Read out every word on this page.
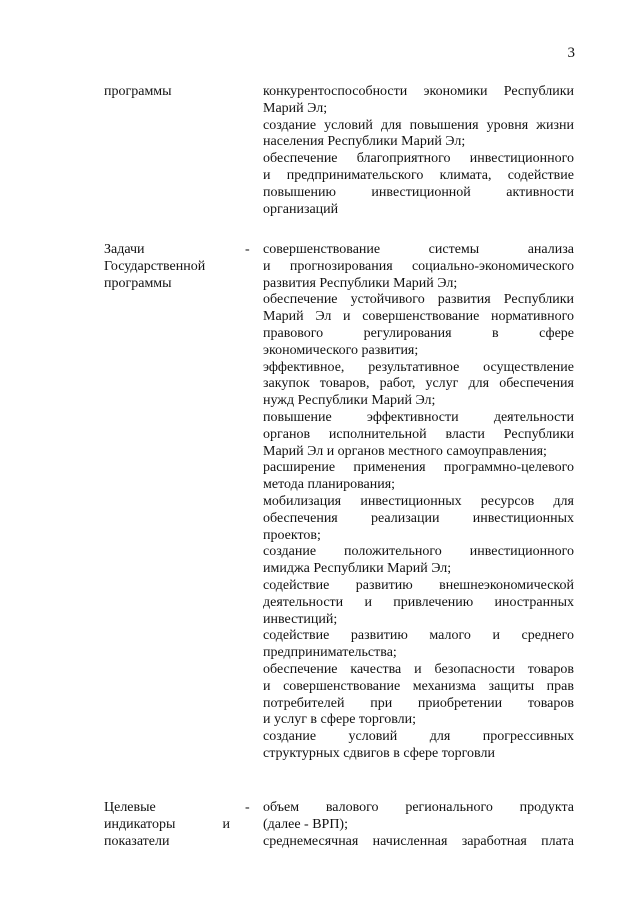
3
программы	конкурентоспособности экономики Республики
Марий Эл;
создание условий для повышения уровня жизни
населения Республики Марий Эл;
обеспечение благоприятного инвестиционного
и предпринимательского климата, содействие
повышению инвестиционной активности
организаций
Задачи
Государственной
программы
- совершенствование системы анализа
и прогнозирования социально-экономического
развития Республики Марий Эл;
обеспечение устойчивого развития Республики
Марий Эл и совершенствование нормативного
правового регулирования в сфере
экономического развития;
эффективное, результативное осуществление
закупок товаров, работ, услуг для обеспечения
нужд Республики Марий Эл;
повышение эффективности деятельности
органов исполнительной власти Республики
Марий Эл и органов местного самоуправления;
расширение применения программно-целевого
метода планирования;
мобилизация инвестиционных ресурсов для
обеспечения реализации инвестиционных
проектов;
создание положительного инвестиционного
имиджа Республики Марий Эл;
содействие развитию внешнеэкономической
деятельности и привлечению иностранных
инвестиций;
содействие развитию малого и среднего
предпринимательства;
обеспечение качества и безопасности товаров
и совершенствование механизма защиты прав
потребителей при приобретении товаров
и услуг в сфере торговли;
создание условий для прогрессивных
структурных сдвигов в сфере торговли
Целевые
индикаторы и
показатели
- объем валового регионального продукта
(далее - ВРП);
среднемесячная начисленная заработная плата
